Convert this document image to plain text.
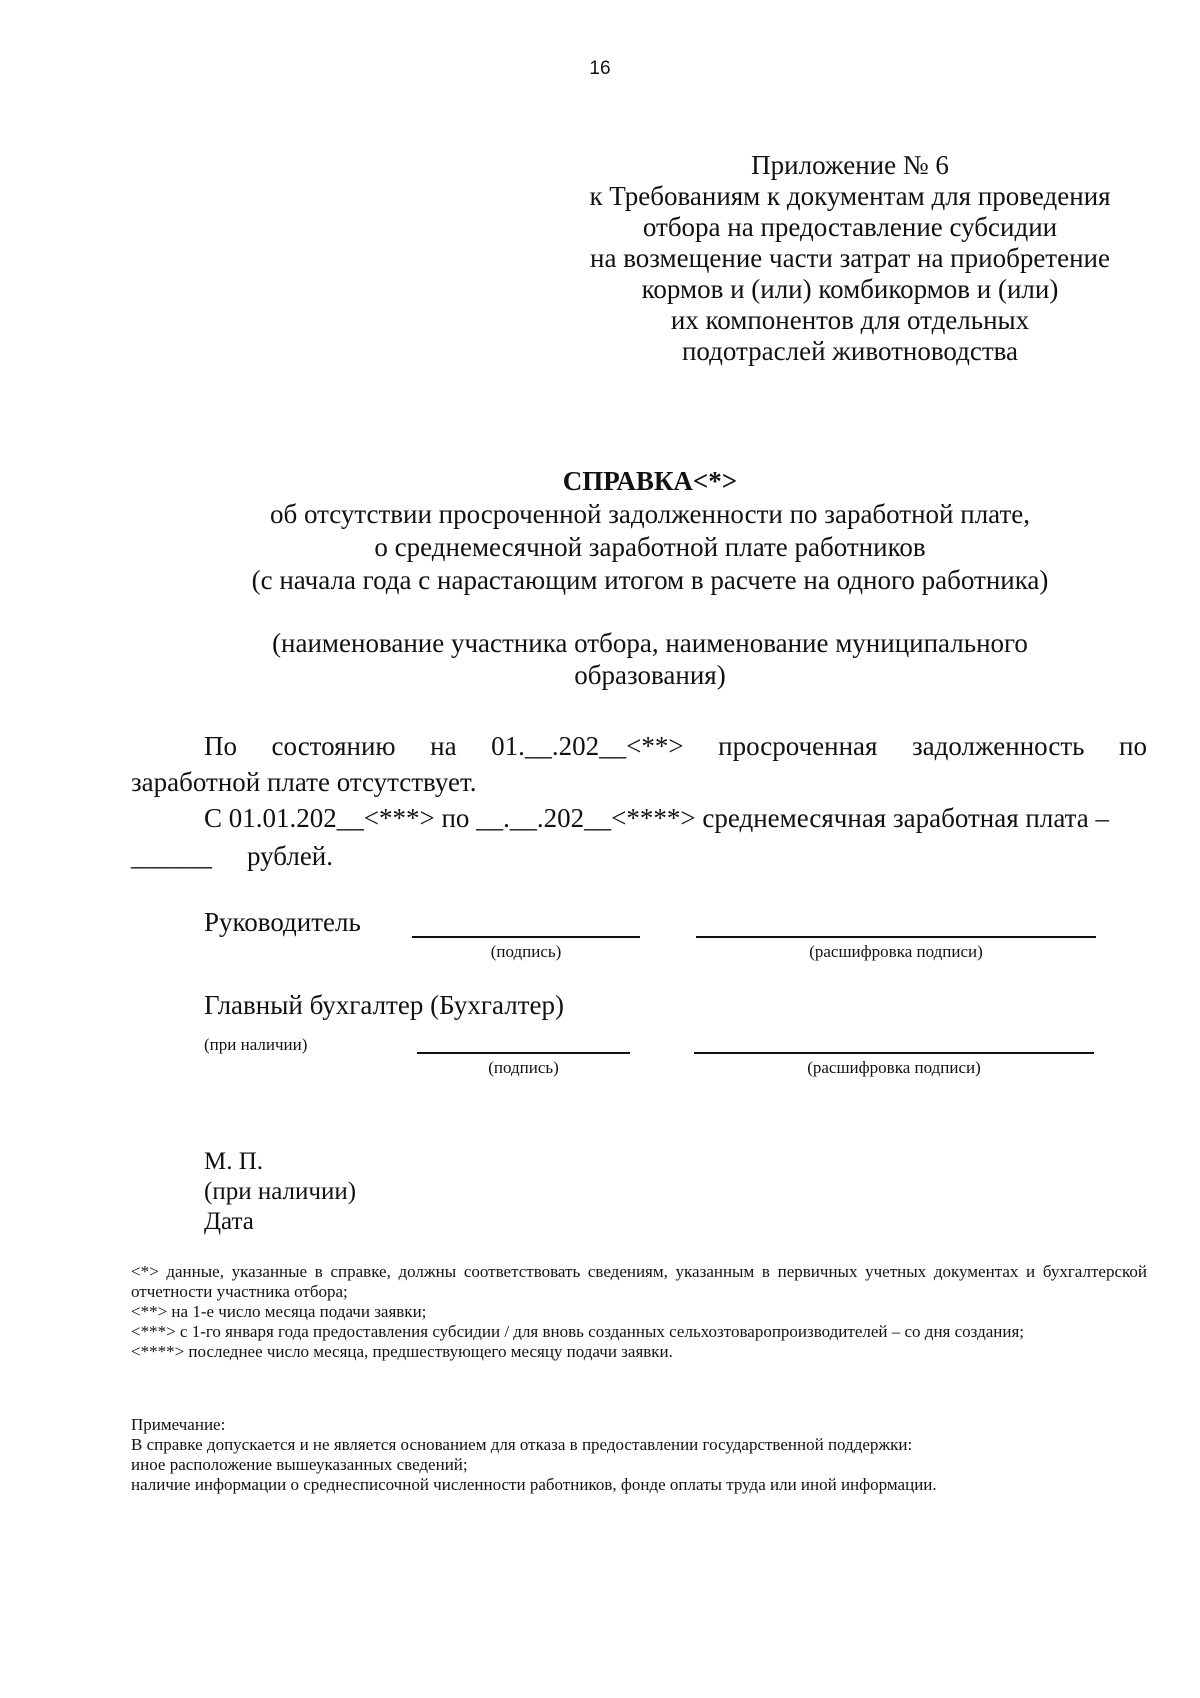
16
Приложение № 6
к Требованиям к документам для проведения
отбора на предоставление субсидии
на возмещение части затрат на приобретение
кормов и (или) комбикормов и (или)
их компонентов для отдельных
подотраслей животноводства
СПРАВКА<*>
об отсутствии просроченной задолженности по заработной плате,
о среднемесячной заработной плате работников
(с начала года с нарастающим итогом в расчете на одного работника)
(наименование участника отбора, наименование муниципального
образования)
По состоянию на 01.__.202__<**> просроченная задолженность по
заработной плате отсутствует.
С 01.01.202__<***> по __.__.202__<****> среднемесячная заработная плата –
______ рублей.
Руководитель
(подпись)	(расшифровка подписи)
Главный бухгалтер (Бухгалтер)
(при наличии)
(подпись)	(расшифровка подписи)
М. П.
(при наличии)
Дата
<*> данные, указанные в справке, должны соответствовать сведениям, указанным в первичных учетных документах и бухгалтерской отчетности участника отбора;
<**> на 1-е число месяца подачи заявки;
<***> с 1-го января года предоставления субсидии / для вновь созданных сельхозтоваропроизводителей – со дня создания;
<****> последнее число месяца, предшествующего месяцу подачи заявки.
Примечание:
В справке допускается и не является основанием для отказа в предоставлении государственной поддержки:
иное расположение вышеуказанных сведений;
наличие информации о среднесписочной численности работников, фонде оплаты труда или иной информации.
